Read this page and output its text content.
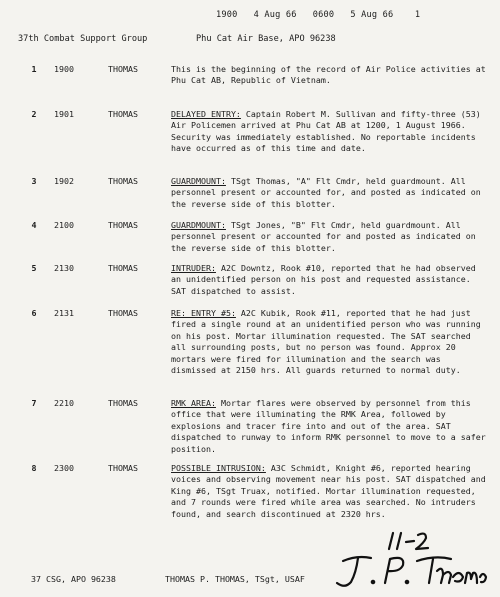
1900   4 Aug 66   0600   5 Aug 66    1
37th Combat Support Group	Phu Cat Air Base, APO 96238
1	1900	THOMAS	This is the beginning of the record of Air Police activities at Phu Cat AB, Republic of Vietnam.
2	1901	THOMAS	DELAYED ENTRY: Captain Robert M. Sullivan and fifty-three (53) Air Policemen arrived at Phu Cat AB at 1200, 1 August 1966. Security was immediately established. No reportable incidents have occurred as of this time and date.
3	1902	THOMAS	GUARDMOUNT: TSgt Thomas, "A" Flt Cmdr, held guardmount. All personnel present or accounted for, and posted as indicated on the reverse side of this blotter.
4	2100	THOMAS	GUARDMOUNT: TSgt Jones, "B" Flt Cmdr, held guardmount. All personnel present or accounted for and posted as indicated on the reverse side of this blotter.
5	2130	THOMAS	INTRUDER: A2C Downtz, Rook #10, reported that he had observed an unidentified person on his post and requested assistance. SAT dispatched to assist.
6	2131	THOMAS	RE: ENTRY #5: A2C Kubik, Rook #11, reported that he had just fired a single round at an unidentified person who was running on his post. Mortar illumination requested. The SAT searched all surrounding posts, but no person was found. Approx 20 mortars were fired for illumination and the search was dismissed at 2150 hrs. All guards returned to normal duty.
7	2210	THOMAS	RMK AREA: Mortar flares were observed by personnel from this office that were illuminating the RMK Area, followed by explosions and tracer fire into and out of the area. SAT dispatched to runway to inform RMK personnel to move to a safer position.
8	2300	THOMAS	POSSIBLE INTRUSION: A3C Schmidt, Knight #6, reported hearing voices and observing movement near his post. SAT dispatched and King #6, TSgt Truax, notified. Mortar illumination requested, and 7 rounds were fired while area was searched. No intruders found, and search discontinued at 2320 hrs.
37 CSG, APO 96238	THOMAS P. THOMAS, TSgt, USAF
